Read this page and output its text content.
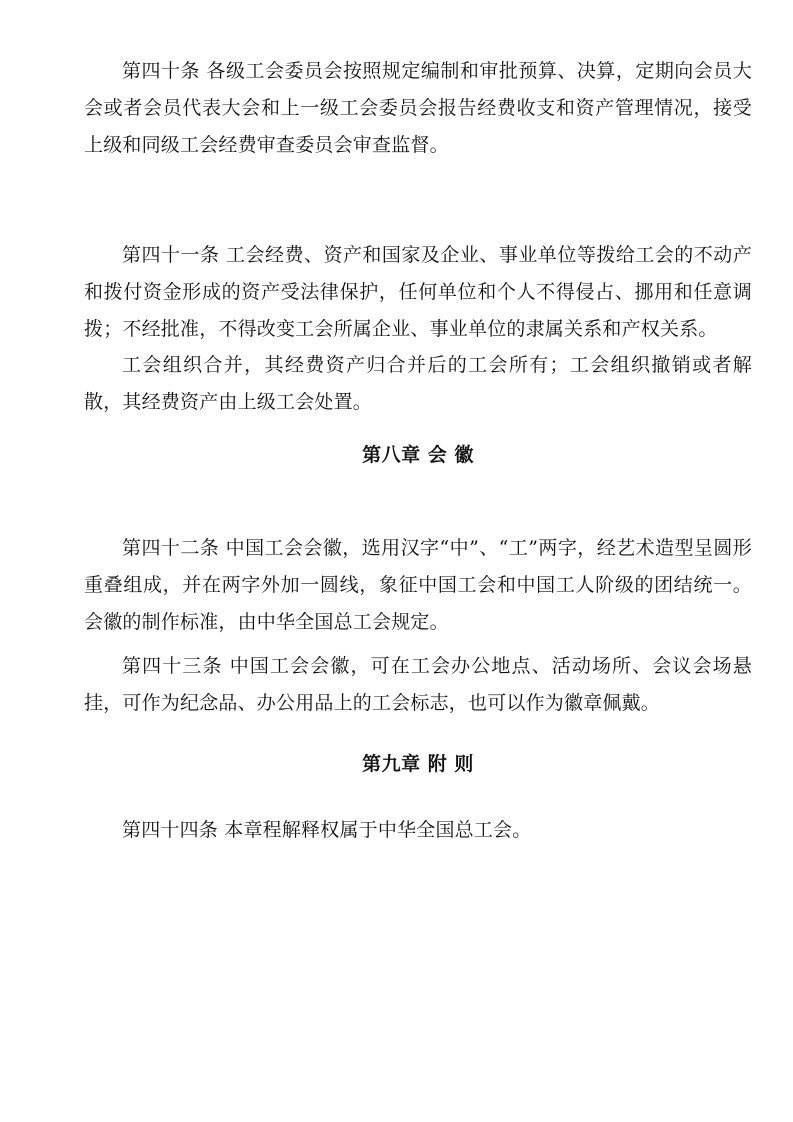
第四十条 各级工会委员会按照规定编制和审批预算、决算，定期向会员大会或者会员代表大会和上一级工会委员会报告经费收支和资产管理情况，接受上级和同级工会经费审查委员会审查监督。

第四十一条 工会经费、资产和国家及企业、事业单位等拨给工会的不动产和拨付资金形成的资产受法律保护，任何单位和个人不得侵占、挪用和任意调拨；不经批准，不得改变工会所属企业、事业单位的隶属关系和产权关系。

工会组织合并，其经费资产归合并后的工会所有；工会组织撤销或者解散，其经费资产由上级工会处置。

第八章 会 徽

第四十二条 中国工会会徽，选用汉字“中”、“工”两字，经艺术造型呈圆形重叠组成，并在两字外加一圆线，象征中国工会和中国工人阶级的团结统一。会徽的制作标准，由中华全国总工会规定。

第四十三条 中国工会会徽，可在工会办公地点、活动场所、会议会场悬挂，可作为纪念品、办公用品上的工会标志，也可以作为徽章佩戴。

第九章 附 则

第四十四条 本章程解释权属于中华全国总工会。
